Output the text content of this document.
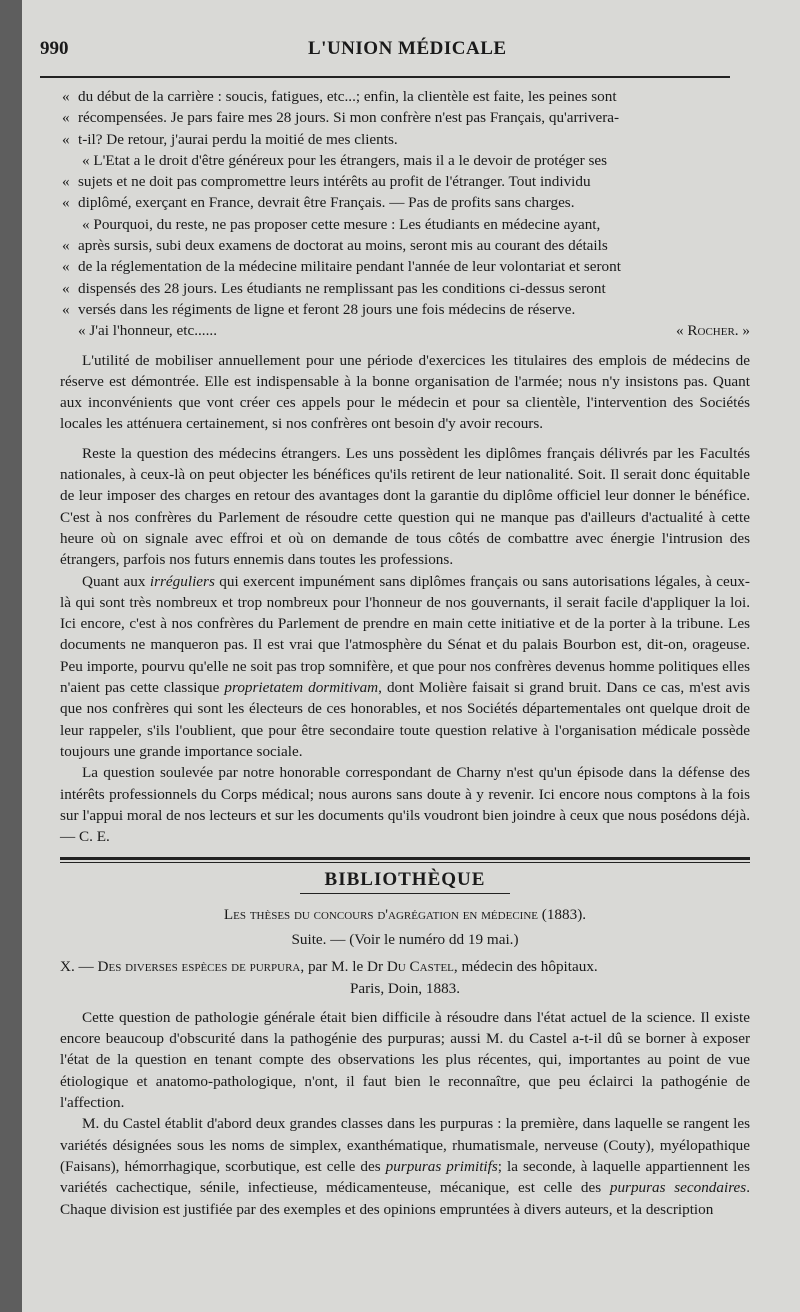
990	L'UNION MÉDICALE

« du début de la carrière : soucis, fatigues, etc...; enfin, la clientèle est faite, les peines sont

« récompensées. Je pars faire mes 28 jours. Si mon confrère n'est pas Français, qu'arrivera-

« t-il? De retour, j'aurai perdu la moitié de mes clients.

« L'Etat a le droit d'être généreux pour les étrangers, mais il a le devoir de protéger ses

« sujets et ne doit pas compromettre leurs intérêts au profit de l'étranger. Tout individu

« diplômé, exerçant en France, devrait être Français. — Pas de profits sans charges.

« Pourquoi, du reste, ne pas proposer cette mesure : Les étudiants en médecine ayant,

« après sursis, subi deux examens de doctorat au moins, seront mis au courant des détails

« de la réglementation de la médecine militaire pendant l'année de leur volontariat et seront

« dispensés des 28 jours. Les étudiants ne remplissant pas les conditions ci-dessus seront

« versés dans les régiments de ligne et feront 28 jours une fois médecins de réserve.

« J'ai l'honneur, etc......	« Rocher. »

L'utilité de mobiliser annuellement pour une période d'exercices les titulaires des emplois de médecins de réserve est démontrée. Elle est indispensable à la bonne organisation de l'armée; nous n'y insistons pas. Quant aux inconvénients que vont créer ces appels pour le médecin et pour sa clientèle, l'intervention des Sociétés locales les atténuera certainement, si nos confrères ont besoin d'y avoir recours.

Reste la question des médecins étrangers. Les uns possèdent les diplômes français délivrés par les Facultés nationales, à ceux-là on peut objecter les bénéfices qu'ils retirent de leur nationalité. Soit. Il serait donc équitable de leur imposer des charges en retour des avantages dont la garantie du diplôme officiel leur donner le bénéfice. C'est à nos confrères du Parlement de résoudre cette question qui ne manque pas d'ailleurs d'actualité à cette heure où on signale avec effroi et où on demande de tous côtés de combattre avec énergie l'intrusion des étrangers, parfois nos futurs ennemis dans toutes les professions.

Quant aux irréguliers qui exercent impunément sans diplômes français ou sans autorisations légales, à ceux-là qui sont très nombreux et trop nombreux pour l'honneur de nos gouvernants, il serait facile d'appliquer la loi. Ici encore, c'est à nos confrères du Parlement de prendre en main cette initiative et de la porter à la tribune. Les documents ne manqueron pas. Il est vrai que l'atmosphère du Sénat et du palais Bourbon est, dit-on, orageuse. Peu importe, pourvu qu'elle ne soit pas trop somnifère, et que pour nos confrères devenus homme politiques elles n'aient pas cette classique proprietatem dormitivam, dont Molière faisait si grand bruit. Dans ce cas, m'est avis que nos confrères qui sont les électeurs de ces honorables, et nos Sociétés départementales ont quelque droit de leur rappeler, s'ils l'oublient, que pour être secondaire toute question relative à l'organisation médicale possède toujours une grande importance sociale.

La question soulevée par notre honorable correspondant de Charny n'est qu'un épisode dans la défense des intérêts professionnels du Corps médical; nous aurons sans doute à y revenir. Ici encore nous comptons à la fois sur l'appui moral de nos lecteurs et sur les documents qu'ils voudront bien joindre à ceux que nous posédons déjà. — C. E.

BIBLIOTHÈQUE

Les thèses du concours d'agrégation en médecine (1883).

Suite. — (Voir le numéro dd 19 mai.)

X. — Des diverses espèces de purpura, par M. le Dr Du Castel, médecin des hôpitaux.

Paris, Doin, 1883.

Cette question de pathologie générale était bien difficile à résoudre dans l'état actuel de la science. Il existe encore beaucoup d'obscurité dans la pathogénie des purpuras; aussi M. du Castel a-t-il dû se borner à exposer l'état de la question en tenant compte des observations les plus récentes, qui, importantes au point de vue étiologique et anatomo-pathologique, n'ont, il faut bien le reconnaître, que peu éclairci la pathogénie de l'affection.

M. du Castel établit d'abord deux grandes classes dans les purpuras : la première, dans laquelle se rangent les variétés désignées sous les noms de simplex, exanthématique, rhumatismale, nerveuse (Couty), myélopathique (Faisans), hémorrhagique, scorbutique, est celle des purpuras primitifs; la seconde, à laquelle appartiennent les variétés cachectique, sénile, infectieuse, médicamenteuse, mécanique, est celle des purpuras secondaires. Chaque division est justifiée par des exemples et des opinions empruntées à divers auteurs, et la description
